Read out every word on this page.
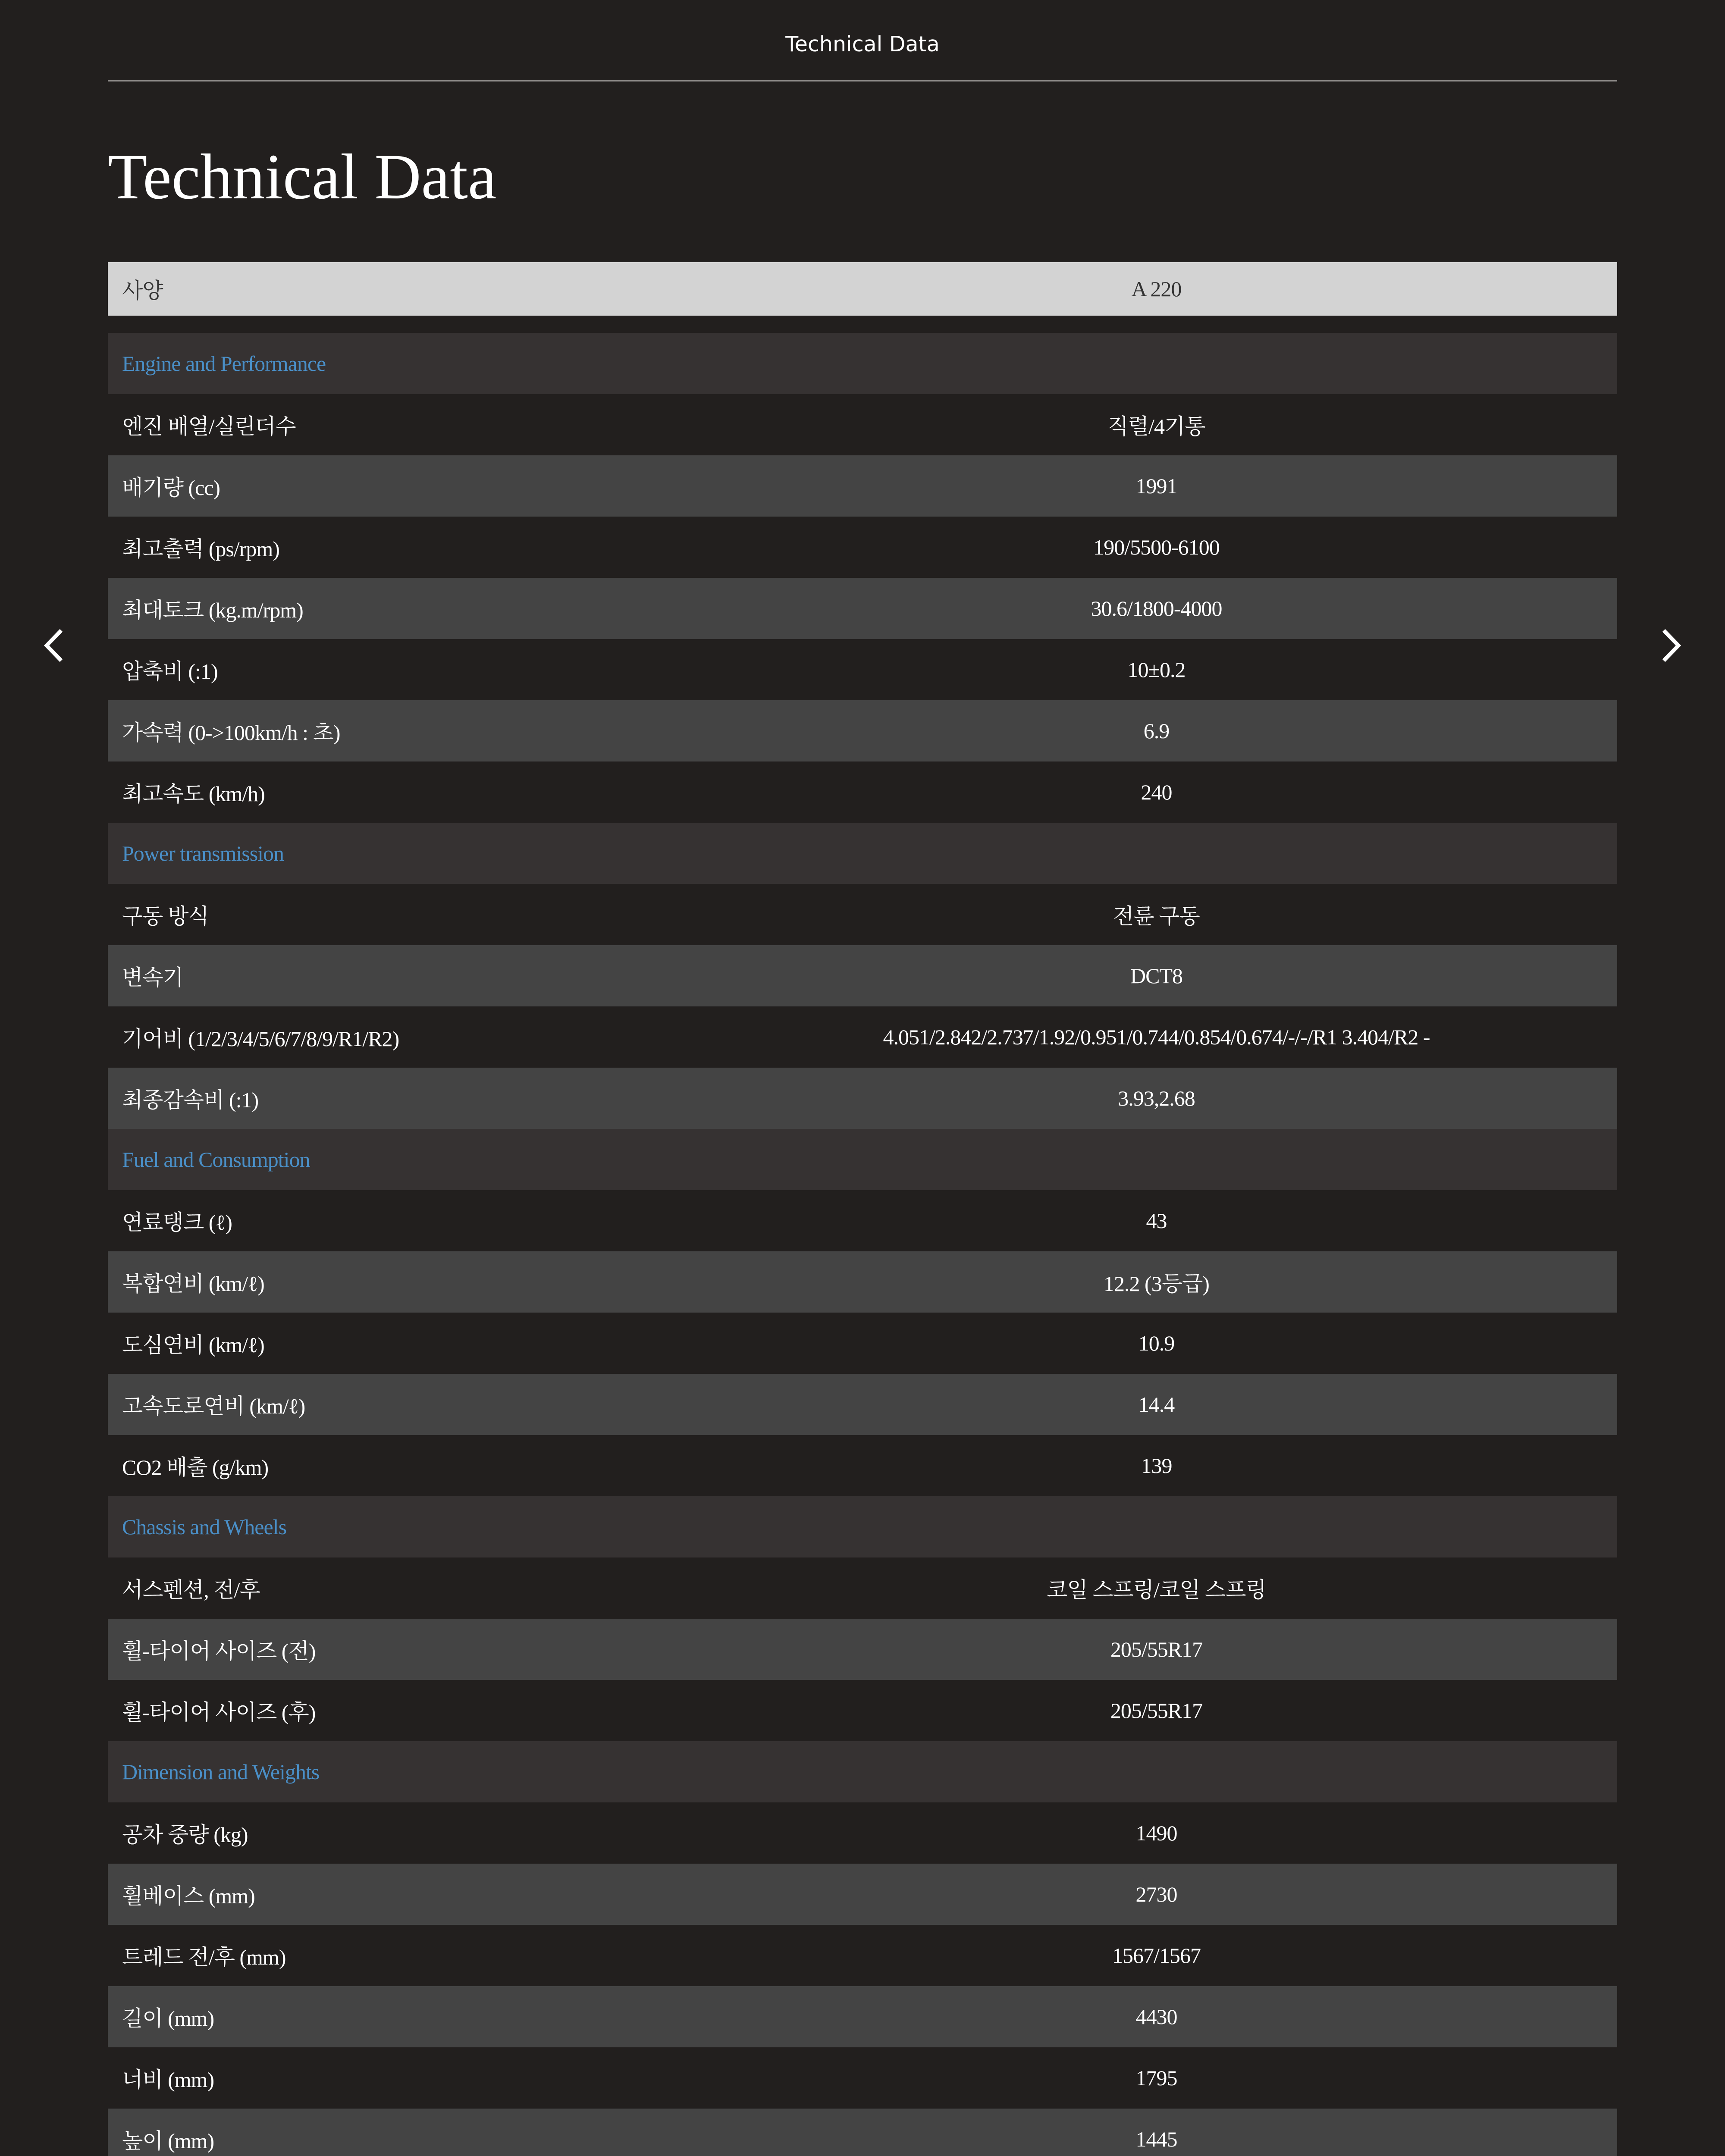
Technical Data
Technical Data
사양	A 220

Engine and Performance	
엔진 배열/실린더수	직렬/4기통
배기량 (cc)	1991
최고출력 (ps/rpm)	190/5500-6100
최대토크 (kg.m/rpm)	30.6/1800-4000
압축비 (:1)	10±0.2
가속력 (0->100km/h : 초)	6.9
최고속도 (km/h)	240
Power transmission	
구동 방식	전륜 구동
변속기	DCT8
기어비 (1/2/3/4/5/6/7/8/9/R1/R2)	4.051/2.842/2.737/1.92/0.951/0.744/0.854/0.674/-/-/R1 3.404/R2 -
최종감속비 (:1)	3.93,2.68
Fuel and Consumption	
연료탱크 (ℓ)	43
복합연비 (km/ℓ)	12.2 (3등급)
도심연비 (km/ℓ)	10.9
고속도로연비 (km/ℓ)	14.4
CO2 배출 (g/km)	139
Chassis and Wheels	
서스펜션, 전/후	코일 스프링/코일 스프링
휠-타이어 사이즈 (전)	205/55R17
휠-타이어 사이즈 (후)	205/55R17
Dimension and Weights	
공차 중량 (kg)	1490
휠베이스 (mm)	2730
트레드 전/후 (mm)	1567/1567
길이 (mm)	4430
너비 (mm)	1795
높이 (mm)	1445
